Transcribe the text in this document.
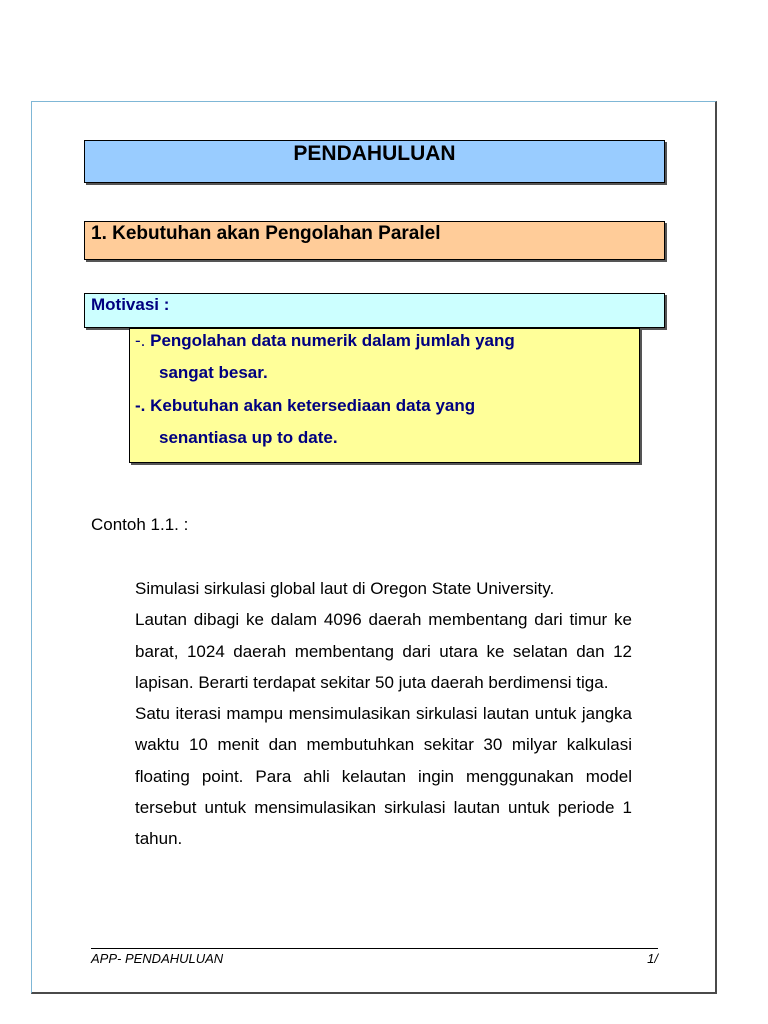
PENDAHULUAN
1. Kebutuhan akan Pengolahan Paralel
Motivasi :
-. Pengolahan data numerik dalam jumlah yang
sangat besar.
-. Kebutuhan akan ketersediaan data yang
senantiasa up to date.
Contoh 1.1. :

Simulasi sirkulasi global laut di Oregon State University.

Lautan dibagi ke dalam 4096 daerah membentang dari timur ke barat, 1024 daerah membentang dari utara ke selatan dan 12 lapisan. Berarti terdapat sekitar 50 juta daerah berdimensi tiga.

Satu iterasi mampu mensimulasikan sirkulasi lautan untuk jangka waktu 10 menit dan membutuhkan sekitar 30 milyar kalkulasi floating point. Para ahli kelautan ingin menggunakan model tersebut untuk mensimulasikan sirkulasi lautan untuk periode 1 tahun.

APP- PENDAHULUAN	1/
